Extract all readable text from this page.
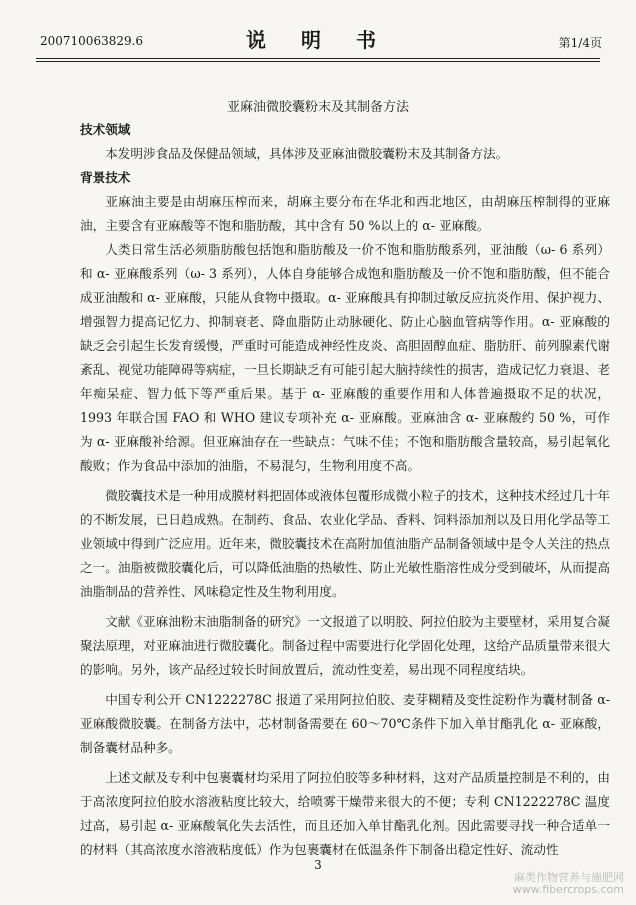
200710063829.6	说 明 书	第1/4页
亚麻油微胶囊粉末及其制备方法

技术领域

本发明涉食品及保健品领域，具体涉及亚麻油微胶囊粉末及其制备方法。

背景技术

亚麻油主要是由胡麻压榨而来，胡麻主要分布在华北和西北地区，由胡麻压榨制得的亚麻油，主要含有亚麻酸等不饱和脂肪酸，其中含有 50 %以上的 α- 亚麻酸。

人类日常生活必须脂肪酸包括饱和脂肪酸及一价不饱和脂肪酸系列，亚油酸（ω- 6 系列）和 α- 亚麻酸系列（ω- 3 系列），人体自身能够合成饱和脂肪酸及一价不饱和脂肪酸，但不能合成亚油酸和 α- 亚麻酸，只能从食物中摄取。α- 亚麻酸具有抑制过敏反应抗炎作用、保护视力、增强智力提高记忆力、抑制衰老、降血脂防止动脉硬化、防止心脑血管病等作用。α- 亚麻酸的缺乏会引起生长发育缓慢，严重时可能造成神经性皮炎、高胆固醇血症、脂肪肝、前列腺素代谢紊乱、视觉功能障碍等病症，一旦长期缺乏有可能引起大脑持续性的损害，造成记忆力衰退、老年痴呆症、智力低下等严重后果。基于 α- 亚麻酸的重要作用和人体普遍摄取不足的状况，1993 年联合国 FAO 和 WHO 建议专项补充 α- 亚麻酸。亚麻油含 α- 亚麻酸约 50 %，可作为 α- 亚麻酸补给源。但亚麻油存在一些缺点：气味不佳；不饱和脂肪酸含量较高，易引起氧化酸败；作为食品中添加的油脂，不易混匀，生物利用度不高。

微胶囊技术是一种用成膜材料把固体或液体包覆形成微小粒子的技术，这种技术经过几十年的不断发展，已日趋成熟。在制药、食品、农业化学品、香料、饲料添加剂以及日用化学品等工业领域中得到广泛应用。近年来，微胶囊技术在高附加值油脂产品制备领域中是令人关注的热点之一。油脂被微胶囊化后，可以降低油脂的热敏性、防止光敏性脂溶性成分受到破坏，从而提高油脂制品的营养性、风味稳定性及生物利用度。

文献《亚麻油粉末油脂制备的研究》一文报道了以明胶、阿拉伯胶为主要壁材，采用复合凝聚法原理，对亚麻油进行微胶囊化。制备过程中需要进行化学固化处理，这给产品质量带来很大的影响。另外，该产品经过较长时间放置后，流动性变差，易出现不同程度结块。

中国专利公开 CN1222278C 报道了采用阿拉伯胶、麦芽糊精及变性淀粉作为囊材制备 α- 亚麻酸微胶囊。在制备方法中，芯材制备需要在 60～70℃条件下加入单甘酯乳化 α- 亚麻酸，制备囊材品种多。

上述文献及专利中包裹囊材均采用了阿拉伯胶等多种材料，这对产品质量控制是不利的，由于高浓度阿拉伯胶水溶液粘度比较大，给喷雾干燥带来很大的不便；专利 CN1222278C 温度过高，易引起 α- 亚麻酸氧化失去活性，而且还加入单甘酯乳化剂。因此需要寻找一种合适单一的材料（其高浓度水溶液粘度低）作为包裹囊材在低温条件下制备出稳定性好、流动性

3
麻类作物营养与施肥网
www.fibercrops.com
